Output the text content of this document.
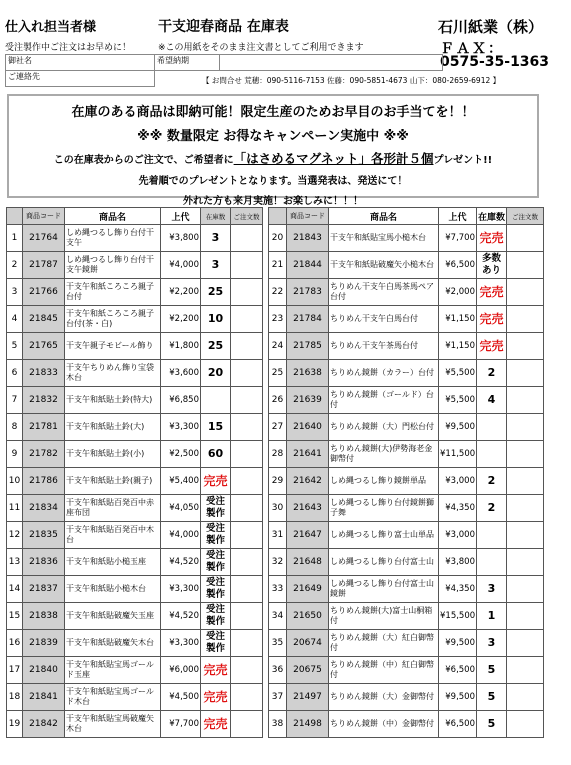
仕入れ担当者様	干支迎春商品 在庫表	石川紙業（株）
受注製作中ご注文はお早めに！	※この用紙をそのまま注文書としてご利用できます	ＦＡＸ：
0575-35-1363
御社名	希望納期	
ご連絡先			【 お問合せ 荒穂：090-5116-7153 佐藤：090-5851-4673 山下：080-2659-6912 】
在庫のある商品は即納可能！限定生産のためお早目のお手当てを！！
※※ 数量限定 お得なキャンペーン実施中 ※※
この在庫表からのご注文で、ご希望者に「はさめるマグネット」各形計５個プレゼント!!
先着順でのプレゼントとなります。当選発表は、発送にて！
外れた方も来月実施！お楽しみに！！！
	商品コード	商品名	上代	在庫数	ご注文数
1	21764	しめ縄つるし飾り台付干支午	¥3,800	3	
2	21787	しめ縄つるし飾り台付干支午鏡餅	¥4,000	3	
3	21766	干支午和紙ころころ親子台付	¥2,200	25	
4	21845	干支午和紙ころころ親子台付(茶・白)	¥2,200	10	
5	21765	干支午親子モビール飾り	¥1,800	25	
6	21833	干支午ちりめん飾り宝袋木台	¥3,600	20	
7	21832	干支午和紙貼土鈴(特大)	¥6,850		
8	21781	干支午和紙貼土鈴(大)	¥3,300	15	
9	21782	干支午和紙貼土鈴(小)	¥2,500	60	
10	21786	干支午和紙貼土鈴(親子)	¥5,400	完売	
11	21834	干支午和紙貼百発百中赤座布団	¥4,050	受注製作	
12	21835	干支午和紙貼百発百中木台	¥4,000	受注製作	
13	21836	干支午和紙貼小槌玉座	¥4,520	受注製作	
14	21837	干支午和紙貼小槌木台	¥3,300	受注製作	
15	21838	干支午和紙貼破魔矢玉座	¥4,520	受注製作	
16	21839	干支午和紙貼破魔矢木台	¥3,300	受注製作	
17	21840	干支午和紙貼宝馬ゴールド玉座	¥6,000	完売	
18	21841	干支午和紙貼宝馬ゴールド木台	¥4,500	完売	
19	21842	干支午和紙貼宝馬破魔矢木台	¥7,700	完売	
	商品コード	商品名	上代	在庫数	ご注文数
20	21843	干支午和紙貼宝馬小槌木台	¥7,700	完売	
21	21844	干支午和紙貼破魔矢小槌木台	¥6,500	多数あり	
22	21783	ちりめん干支午白馬茶馬ペア台付	¥2,000	完売	
23	21784	ちりめん干支午白馬台付	¥1,150	完売	
24	21785	ちりめん干支午茶馬台付	¥1,150	完売	
25	21638	ちりめん鏡餅（カラー）台付	¥5,500	2	
26	21639	ちりめん鏡餅（ゴールド）台付	¥5,500	4	
27	21640	ちりめん鏡餅（大）門松台付	¥9,500		
28	21641	ちりめん鏡餅(大)伊勢海老金御幣付	¥11,500		
29	21642	しめ縄つるし飾り鏡餅単品	¥3,000	2	
30	21643	しめ縄つるし飾り台付鏡餅獅子舞	¥4,350	2	
31	21647	しめ縄つるし飾り富士山単品	¥3,000		
32	21648	しめ縄つるし飾り台付富士山	¥3,800		
33	21649	しめ縄つるし飾り台付富士山鏡餅	¥4,350	3	
34	21650	ちりめん鏡餅(大)富士山桐箱付	¥15,500	1	
35	20674	ちりめん鏡餅（大）紅白御幣付	¥9,500	3	
36	20675	ちりめん鏡餅（中）紅白御幣付	¥6,500	5	
37	21497	ちりめん鏡餅（大）金御幣付	¥9,500	5	
38	21498	ちりめん鏡餅（中）金御幣付	¥6,500	5	
